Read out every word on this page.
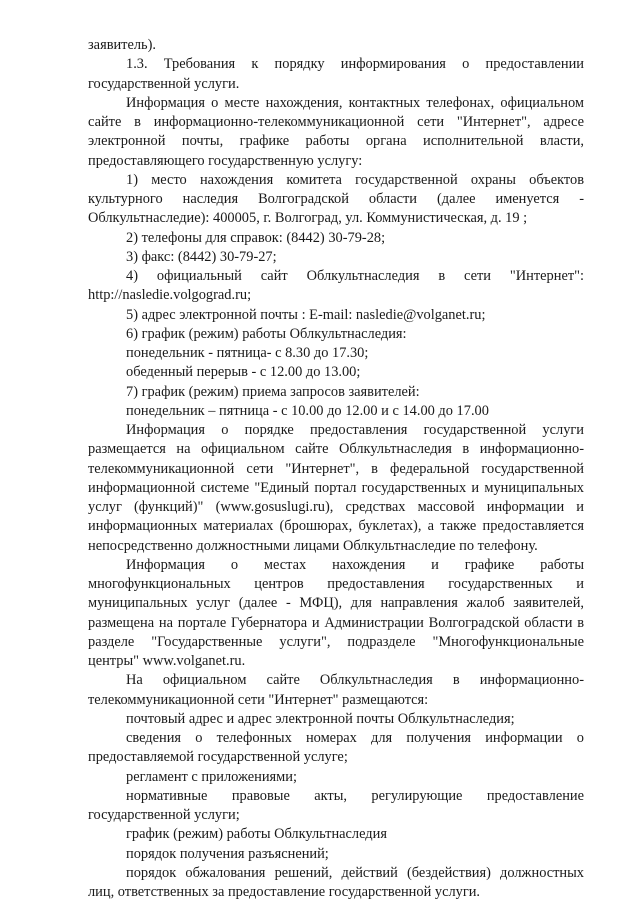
заявитель).

1.3. Требования к порядку информирования о предоставлении государственной услуги.

Информация о месте нахождения, контактных телефонах, официальном сайте в информационно-телекоммуникационной сети "Интернет", адресе электронной почты, графике работы органа исполнительной власти, предоставляющего государственную услугу:

1) место нахождения комитета государственной охраны объектов культурного наследия Волгоградской области (далее именуется - Облкультнаследие): 400005, г. Волгоград, ул. Коммунистическая, д. 19 ;

2) телефоны для справок: (8442) 30-79-28;

3) факс: (8442) 30-79-27;

4) официальный сайт Облкультнаследия в сети "Интернет": http://nasledie.volgograd.ru;

5) адрес электронной почты : E-mail: nasledie@volganet.ru;

6) график (режим) работы Облкультнаследия:

понедельник - пятница- с 8.30 до 17.30;

обеденный перерыв - с 12.00 до 13.00;

7) график (режим) приема запросов заявителей:

понедельник – пятница - с 10.00 до 12.00 и с 14.00 до 17.00

Информация о порядке предоставления государственной услуги размещается на официальном сайте Облкультнаследия в информационно-телекоммуникационной сети "Интернет", в федеральной государственной информационной системе "Единый портал государственных и муниципальных услуг (функций)" (www.gosuslugi.ru), средствах массовой информации и информационных материалах (брошюрах, буклетах), а также предоставляется непосредственно должностными лицами Облкультнаследие по телефону.

Информация о местах нахождения и графике работы многофункциональных центров предоставления государственных и муниципальных услуг (далее - МФЦ), для направления жалоб заявителей, размещена на портале Губернатора и Администрации Волгоградской области в разделе "Государственные услуги", подразделе "Многофункциональные центры" www.volganet.ru.

На официальном сайте Облкультнаследия в информационно-телекоммуникационной сети "Интернет" размещаются:

почтовый адрес и адрес электронной почты Облкультнаследия;

сведения о телефонных номерах для получения информации о предоставляемой государственной услуге;

регламент с приложениями;

нормативные правовые акты, регулирующие предоставление государственной услуги;

график (режим) работы Облкультнаследия

порядок получения разъяснений;

порядок обжалования решений, действий (бездействия) должностных лиц, ответственных за предоставление государственной услуги.
